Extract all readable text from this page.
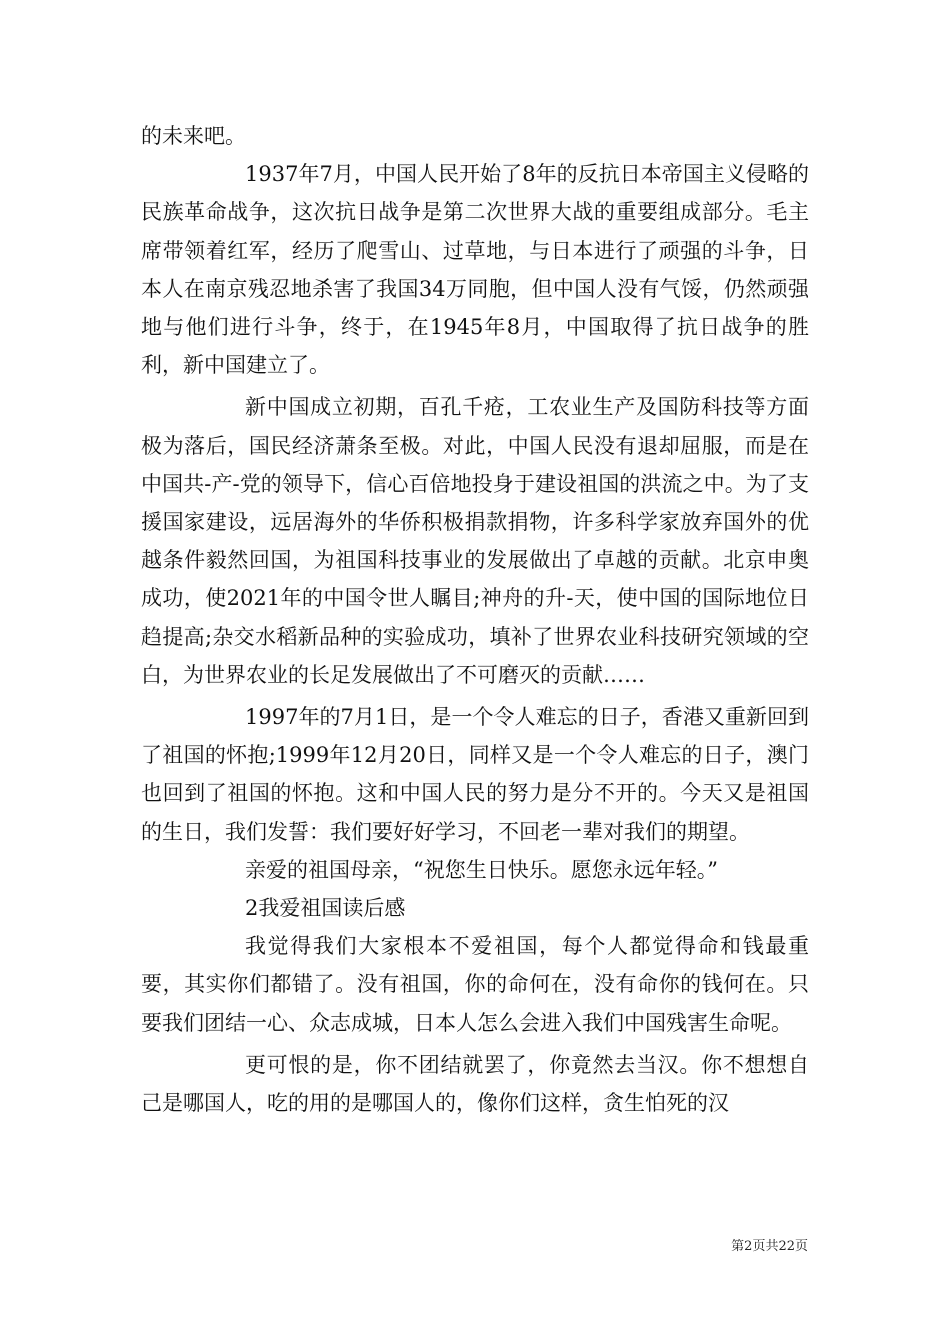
的未来吧。

1937年7月，中国人民开始了8年的反抗日本帝国主义侵略的民族革命战争，这次抗日战争是第二次世界大战的重要组成部分。毛主席带领着红军，经历了爬雪山、过草地，与日本进行了顽强的斗争，日本人在南京残忍地杀害了我国34万同胞，但中国人没有气馁，仍然顽强地与他们进行斗争，终于，在1945年8月，中国取得了抗日战争的胜利，新中国建立了。

新中国成立初期，百孔千疮，工农业生产及国防科技等方面极为落后，国民经济萧条至极。对此，中国人民没有退却屈服，而是在中国共-产-党的领导下，信心百倍地投身于建设祖国的洪流之中。为了支援国家建设，远居海外的华侨积极捐款捐物，许多科学家放弃国外的优越条件毅然回国，为祖国科技事业的发展做出了卓越的贡献。北京申奥成功，使2021年的中国令世人瞩目;神舟的升-天，使中国的国际地位日趋提高;杂交水稻新品种的实验成功，填补了世界农业科技研究领域的空白，为世界农业的长足发展做出了不可磨灭的贡献……

1997年的7月1日，是一个令人难忘的日子，香港又重新回到了祖国的怀抱;1999年12月20日，同样又是一个令人难忘的日子，澳门也回到了祖国的怀抱。这和中国人民的努力是分不开的。今天又是祖国的生日，我们发誓：我们要好好学习，不回老一辈对我们的期望。

亲爱的祖国母亲，“祝您生日快乐。愿您永远年轻。”

2我爱祖国读后感

我觉得我们大家根本不爱祖国，每个人都觉得命和钱最重要，其实你们都错了。没有祖国，你的命何在，没有命你的钱何在。只要我们团结一心、众志成城，日本人怎么会进入我们中国残害生命呢。

更可恨的是，你不团结就罢了，你竟然去当汉。你不想想自己是哪国人，吃的用的是哪国人的，像你们这样，贪生怕死的汉

第2页共22页
